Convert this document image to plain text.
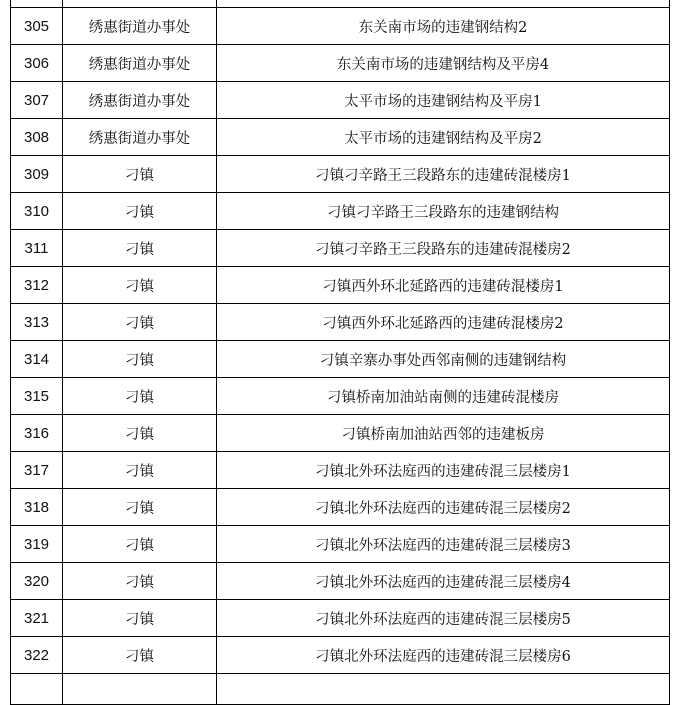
305	绣惠街道办事处	东关南市场的违建钢结构2
306	绣惠街道办事处	东关南市场的违建钢结构及平房4
307	绣惠街道办事处	太平市场的违建钢结构及平房1
308	绣惠街道办事处	太平市场的违建钢结构及平房2
309	刁镇	刁镇刁辛路王三段路东的违建砖混楼房1
310	刁镇	刁镇刁辛路王三段路东的违建钢结构
311	刁镇	刁镇刁辛路王三段路东的违建砖混楼房2
312	刁镇	刁镇西外环北延路西的违建砖混楼房1
313	刁镇	刁镇西外环北延路西的违建砖混楼房2
314	刁镇	刁镇辛寨办事处西邻南侧的违建钢结构
315	刁镇	刁镇桥南加油站南侧的违建砖混楼房
316	刁镇	刁镇桥南加油站西邻的违建板房
317	刁镇	刁镇北外环法庭西的违建砖混三层楼房1
318	刁镇	刁镇北外环法庭西的违建砖混三层楼房2
319	刁镇	刁镇北外环法庭西的违建砖混三层楼房3
320	刁镇	刁镇北外环法庭西的违建砖混三层楼房4
321	刁镇	刁镇北外环法庭西的违建砖混三层楼房5
322	刁镇	刁镇北外环法庭西的违建砖混三层楼房6
